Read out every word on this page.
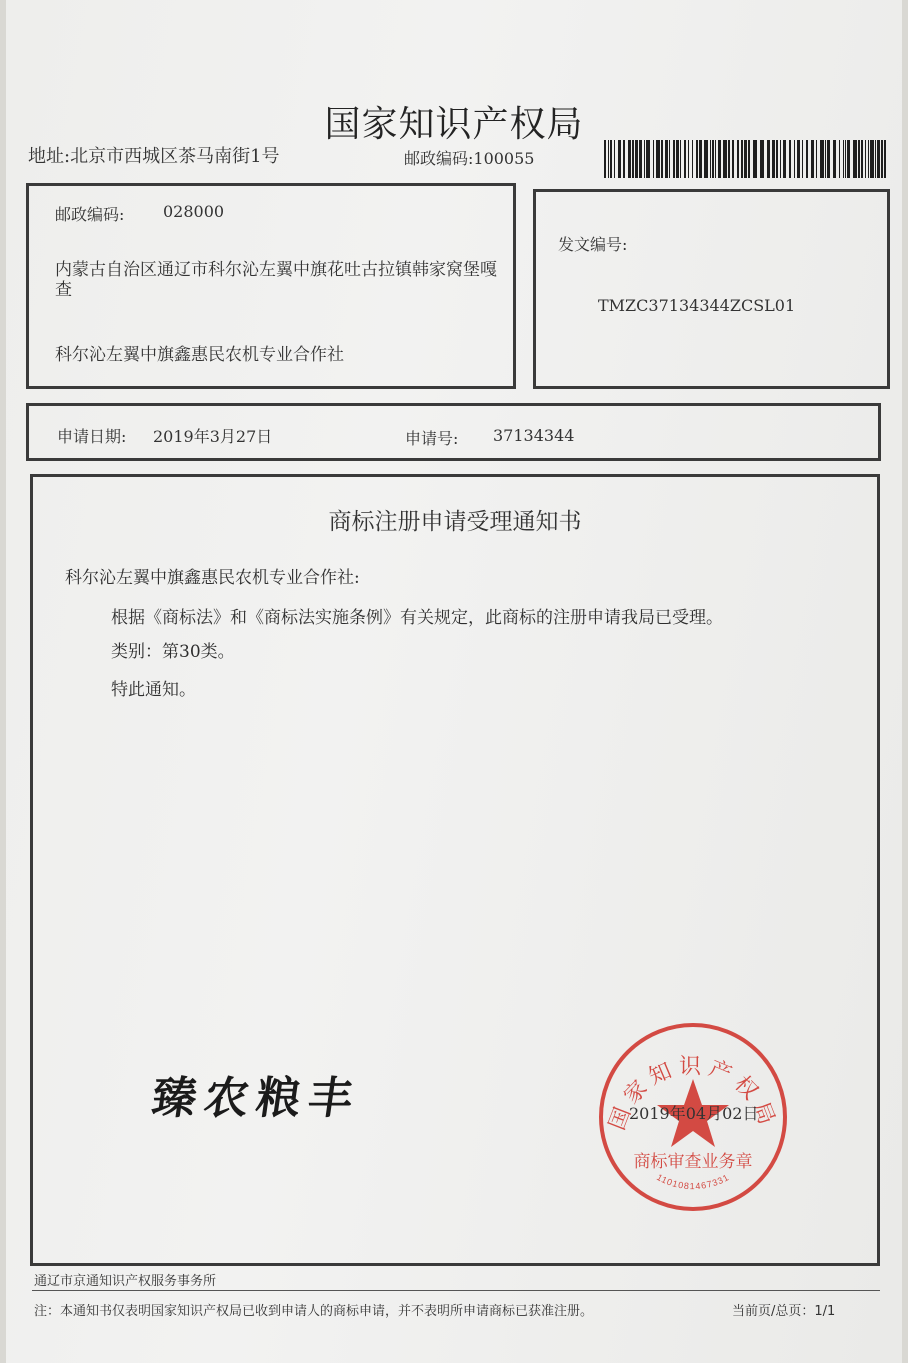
国家知识产权局
地址:北京市西城区茶马南街1号	邮政编码:100055
邮政编码: 028000
内蒙古自治区通辽市科尔沁左翼中旗花吐古拉镇韩家窝堡嘎查
科尔沁左翼中旗鑫惠民农机专业合作社
发文编号:
TMZC37134344ZCSL01
申请日期: 2019年3月27日	申请号: 37134344
商标注册申请受理通知书
科尔沁左翼中旗鑫惠民农机专业合作社:
根据《商标法》和《商标法实施条例》有关规定，此商标的注册申请我局已受理。
类别：第30类。
特此通知。
臻农粮丰	国家知识产权局
商标审查业务章
1101081467331
2019年04月02日
通辽市京通知识产权服务事务所
注：本通知书仅表明国家知识产权局已收到申请人的商标申请，并不表明所申请商标已获准注册。	当前页/总页：1/1
